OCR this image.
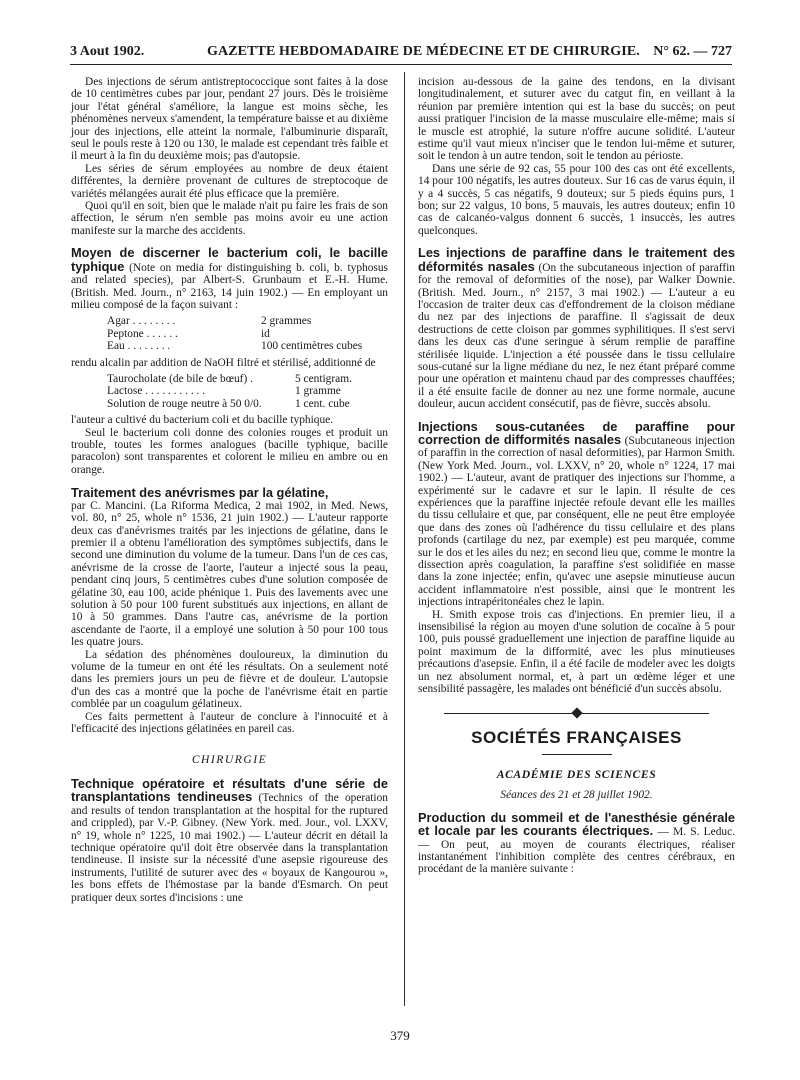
3 Aout 1902.	GAZETTE HEBDOMADAIRE DE MÉDECINE ET DE CHIRURGIE. N° 62. — 727

Des injections de sérum antistreptococcique sont faites à la dose de 10 centimètres cubes par jour, pendant 27 jours. Dès le troisième jour l'état général s'améliore, la langue est moins sèche, les phénomènes nerveux s'amendent, la température baisse et au dixième jour des injections, elle atteint la normale, l'albuminurie disparaît, seul le pouls reste à 120 ou 130, le malade est cependant très faible et il meurt à la fin du deuxième mois; pas d'autopsie.

Les séries de sérum employées au nombre de deux étaient différentes, la dernière provenant de cultures de streptocoque de variétés mélangées aurait été plus efficace que la première.

Quoi qu'il en soit, bien que le malade n'ait pu faire les frais de son affection, le sérum n'en semble pas moins avoir eu une action manifeste sur la marche des accidents.

Moyen de discerner le bacterium coli, le bacille typhique (Note on media for distinguishing b. coli, b. typhosus and related species), par Albert-S. Grunbaum et E.-H. Hume. (British. Med. Journ., n° 2163, 14 juin 1902.) — En employant un milieu composé de la façon suivant :

Agar . . . . . . . .	2 grammes
Peptone . . . . . .	id
Eau . . . . . . . .	100 centimètres cubes

rendu alcalin par addition de NaOH filtré et stérilisé, additionné de

Taurocholate (de bile de bœuf) .	5 centigram.
Lactose . . . . . . . . . . .	1 gramme
Solution de rouge neutre à 50 0/0.	1 cent. cube

l'auteur a cultivé du bacterium coli et du bacille typhique.

Seul le bacterium coli donne des colonies rouges et produit un trouble, toutes les formes analogues (bacille typhique, bacille paracolon) sont transparentes et colorent le milieu en ambre ou en orange.

Traitement des anévrismes par la gélatine,

par C. Mancini. (La Riforma Medica, 2 mai 1902, in Med. News, vol. 80, n° 25, whole n° 1536, 21 juin 1902.) — L'auteur rapporte deux cas d'anévrismes traités par les injections de gélatine, dans le premier il a obtenu l'amélioration des symptômes subjectifs, dans le second une diminution du volume de la tumeur. Dans l'un de ces cas, anévrisme de la crosse de l'aorte, l'auteur a injecté sous la peau, pendant cinq jours, 5 centimètres cubes d'une solution composée de gélatine 30, eau 100, acide phénique 1. Puis des lavements avec une solution à 50 pour 100 furent substitués aux injections, en allant de 10 à 50 grammes. Dans l'autre cas, anévrisme de la portion ascendante de l'aorte, il a employé une solution à 50 pour 100 tous les quatre jours.

La sédation des phénomènes douloureux, la diminution du volume de la tumeur en ont été les résultats. On a seulement noté dans les premiers jours un peu de fièvre et de douleur. L'autopsie d'un des cas a montré que la poche de l'anévrisme était en partie comblée par un coagulum gélatineux.

Ces faits permettent à l'auteur de conclure à l'innocuité et à l'efficacité des injections gélatinées en pareil cas.

CHIRURGIE

Technique opératoire et résultats d'une série de transplantations tendineuses (Technics of the operation and results of tendon transplantation at the hospital for the ruptured and crippled), par V.-P. Gibney. (New York. med. Jour., vol. LXXV, n° 19, whole n° 1225, 10 mai 1902.) — L'auteur décrit en détail la technique opératoire qu'il doit être observée dans la transplantation tendineuse. Il insiste sur la nécessité d'une asepsie rigoureuse des instruments, l'utilité de suturer avec des « boyaux de Kangourou », les bons effets de l'hémostase par la bande d'Esmarch. On peut pratiquer deux sortes d'incisions : une

incision au-dessous de la gaine des tendons, en la divisant longitudinalement, et suturer avec du catgut fin, en veillant à la réunion par première intention qui est la base du succès; on peut aussi pratiquer l'incision de la masse musculaire elle-même; mais si le muscle est atrophié, la suture n'offre aucune solidité. L'auteur estime qu'il vaut mieux n'inciser que le tendon lui-même et suturer, soit le tendon à un autre tendon, soit le tendon au périoste.

Dans une série de 92 cas, 55 pour 100 des cas ont été excellents, 14 pour 100 négatifs, les autres douteux. Sur 16 cas de varus équin, il y a 4 succès, 5 cas négatifs, 9 douteux; sur 5 pieds équins purs, 1 bon; sur 22 valgus, 10 bons, 5 mauvais, les autres douteux; enfin 10 cas de calcanéo-valgus donnent 6 succès, 1 insuccès, les autres quelconques.

Les injections de paraffine dans le traitement des déformités nasales (On the subcutaneous injection of paraffin for the removal of deformities of the nose), par Walker Downie. (British. Med. Journ., n° 2157, 3 mai 1902.) — L'auteur a eu l'occasion de traiter deux cas d'effondrement de la cloison médiane du nez par des injections de paraffine. Il s'agissait de deux destructions de cette cloison par gommes syphilitiques. Il s'est servi dans les deux cas d'une seringue à sérum remplie de paraffine stérilisée liquide. L'injection a été poussée dans le tissu cellulaire sous-cutané sur la ligne médiane du nez, le nez étant préparé comme pour une opération et maintenu chaud par des compresses chauffées; il a été ensuite facile de donner au nez une forme normale, aucune douleur, aucun accident consécutif, pas de fièvre, succès absolu.

Injections sous-cutanées de paraffine pour correction de difformités nasales (Subcutaneous injection of paraffin in the correction of nasal deformities), par Harmon Smith. (New York Med. Journ., vol. LXXV, n° 20, whole n° 1224, 17 mai 1902.) — L'auteur, avant de pratiquer des injections sur l'homme, a expérimenté sur le cadavre et sur le lapin. Il résulte de ces expériences que la paraffine injectée refoule devant elle les mailles du tissu cellulaire et que, par conséquent, elle ne peut être employée que dans des zones où l'adhérence du tissu cellulaire et des plans profonds (cartilage du nez, par exemple) est peu marquée, comme sur le dos et les ailes du nez; en second lieu que, comme le montre la dissection après coagulation, la paraffine s'est solidifiée en masse dans la zone injectée; enfin, qu'avec une asepsie minutieuse aucun accident inflammatoire n'est possible, ainsi que le montrent les injections intrapéritonéales chez le lapin.

H. Smith expose trois cas d'injections. En premier lieu, il a insensibilisé la région au moyen d'une solution de cocaïne à 5 pour 100, puis poussé graduellement une injection de paraffine liquide au point maximum de la difformité, avec les plus minutieuses précautions d'asepsie. Enfin, il a été facile de modeler avec les doigts un nez absolument normal, et, à part un œdème léger et une sensibilité passagère, les malades ont bénéficié d'un succès absolu.

SOCIÉTÉS FRANÇAISES
ACADÉMIE DES SCIENCES
Séances des 21 et 28 juillet 1902.

Production du sommeil et de l'anesthésie générale et locale par les courants électriques. — M. S. Leduc. — On peut, au moyen de courants électriques, réaliser instantanément l'inhibition complète des centres cérébraux, en procédant de la manière suivante :

379
